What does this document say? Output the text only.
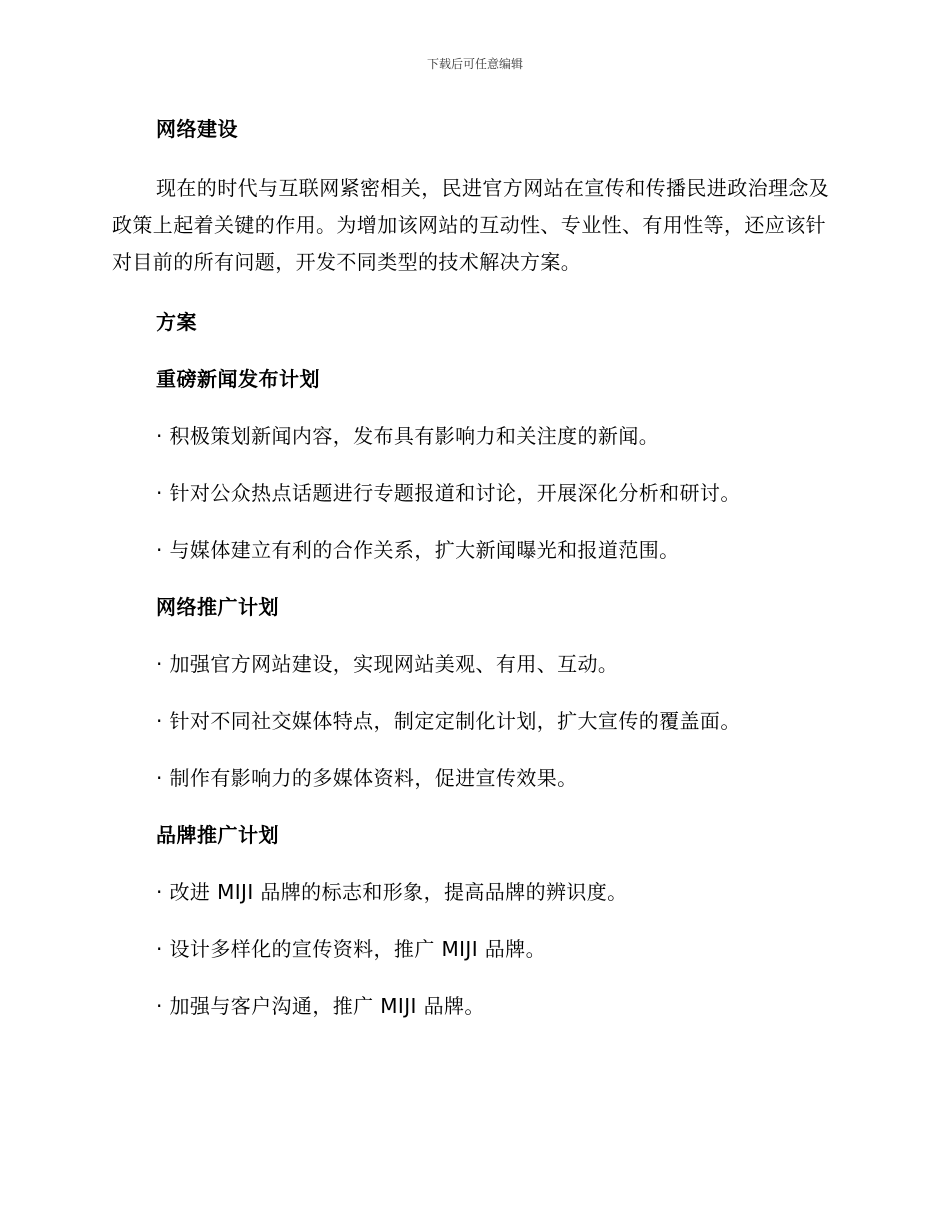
下载后可任意编辑
网络建设

现在的时代与互联网紧密相关，民进官方网站在宣传和传播民进政治理念及政策上起着关键的作用。为增加该网站的互动性、专业性、有用性等，还应该针对目前的所有问题，开发不同类型的技术解决方案。

方案
重磅新闻发布计划
· 积极策划新闻内容，发布具有影响力和关注度的新闻。
· 针对公众热点话题进行专题报道和讨论，开展深化分析和研讨。
· 与媒体建立有利的合作关系，扩大新闻曝光和报道范围。
网络推广计划
· 加强官方网站建设，实现网站美观、有用、互动。
· 针对不同社交媒体特点，制定定制化计划，扩大宣传的覆盖面。
· 制作有影响力的多媒体资料，促进宣传效果。
品牌推广计划
· 改进 MIJI 品牌的标志和形象，提高品牌的辨识度。
· 设计多样化的宣传资料，推广 MIJI 品牌。
· 加强与客户沟通，推广 MIJI 品牌。
